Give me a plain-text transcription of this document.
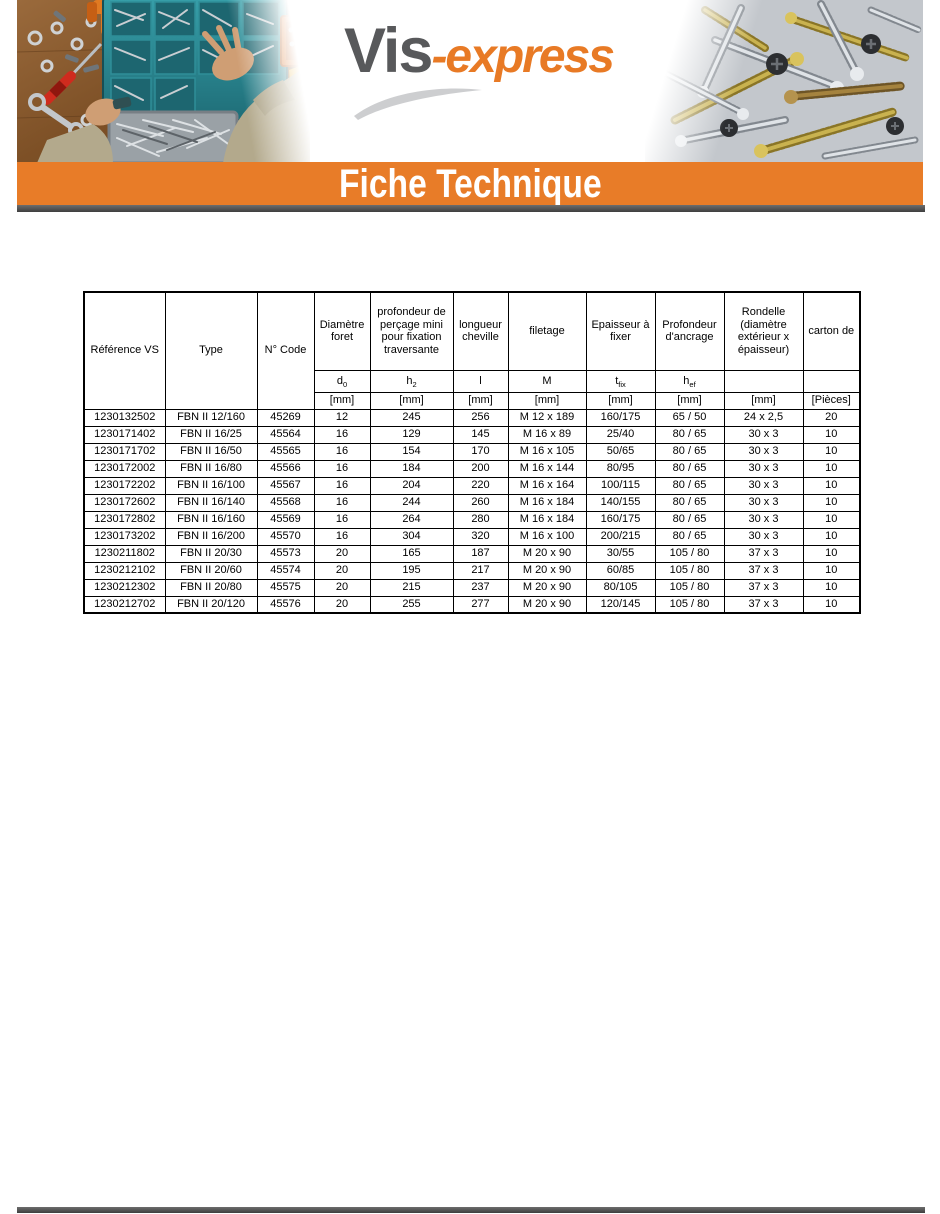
Vis -express
Fiche Technique
Référence VS	Type	N° Code	Diamètre foret	profondeur de perçage mini pour fixation traversante	longueur cheville	filetage	Epaisseur à fixer	Profondeur d'ancrage	Rondelle (diamètre extérieur x épaisseur)	carton de
			$d_0$	$h_2$	l	M	$t_{fix}$	$h_{ef}$		
			[mm]	[mm]	[mm]	[mm]	[mm]	[mm]	[mm]	[Pièces]
1230132502	FBN II 12/160	45269	12	245	256	M 12 x 189	160/175	65 / 50	24 x 2,5	20
1230171402	FBN II 16/25	45564	16	129	145	M 16 x 89	25/40	80 / 65	30 x 3	10
1230171702	FBN II 16/50	45565	16	154	170	M 16 x 105	50/65	80 / 65	30 x 3	10
1230172002	FBN II 16/80	45566	16	184	200	M 16 x 144	80/95	80 / 65	30 x 3	10
1230172202	FBN II 16/100	45567	16	204	220	M 16 x 164	100/115	80 / 65	30 x 3	10
1230172602	FBN II 16/140	45568	16	244	260	M 16 x 184	140/155	80 / 65	30 x 3	10
1230172802	FBN II 16/160	45569	16	264	280	M 16 x 184	160/175	80 / 65	30 x 3	10
1230173202	FBN II 16/200	45570	16	304	320	M 16 x 100	200/215	80 / 65	30 x 3	10
1230211802	FBN II 20/30	45573	20	165	187	M 20 x 90	30/55	105 / 80	37 x 3	10
1230212102	FBN II 20/60	45574	20	195	217	M 20 x 90	60/85	105 / 80	37 x 3	10
1230212302	FBN II 20/80	45575	20	215	237	M 20 x 90	80/105	105 / 80	37 x 3	10
1230212702	FBN II 20/120	45576	20	255	277	M 20 x 90	120/145	105 / 80	37 x 3	10
